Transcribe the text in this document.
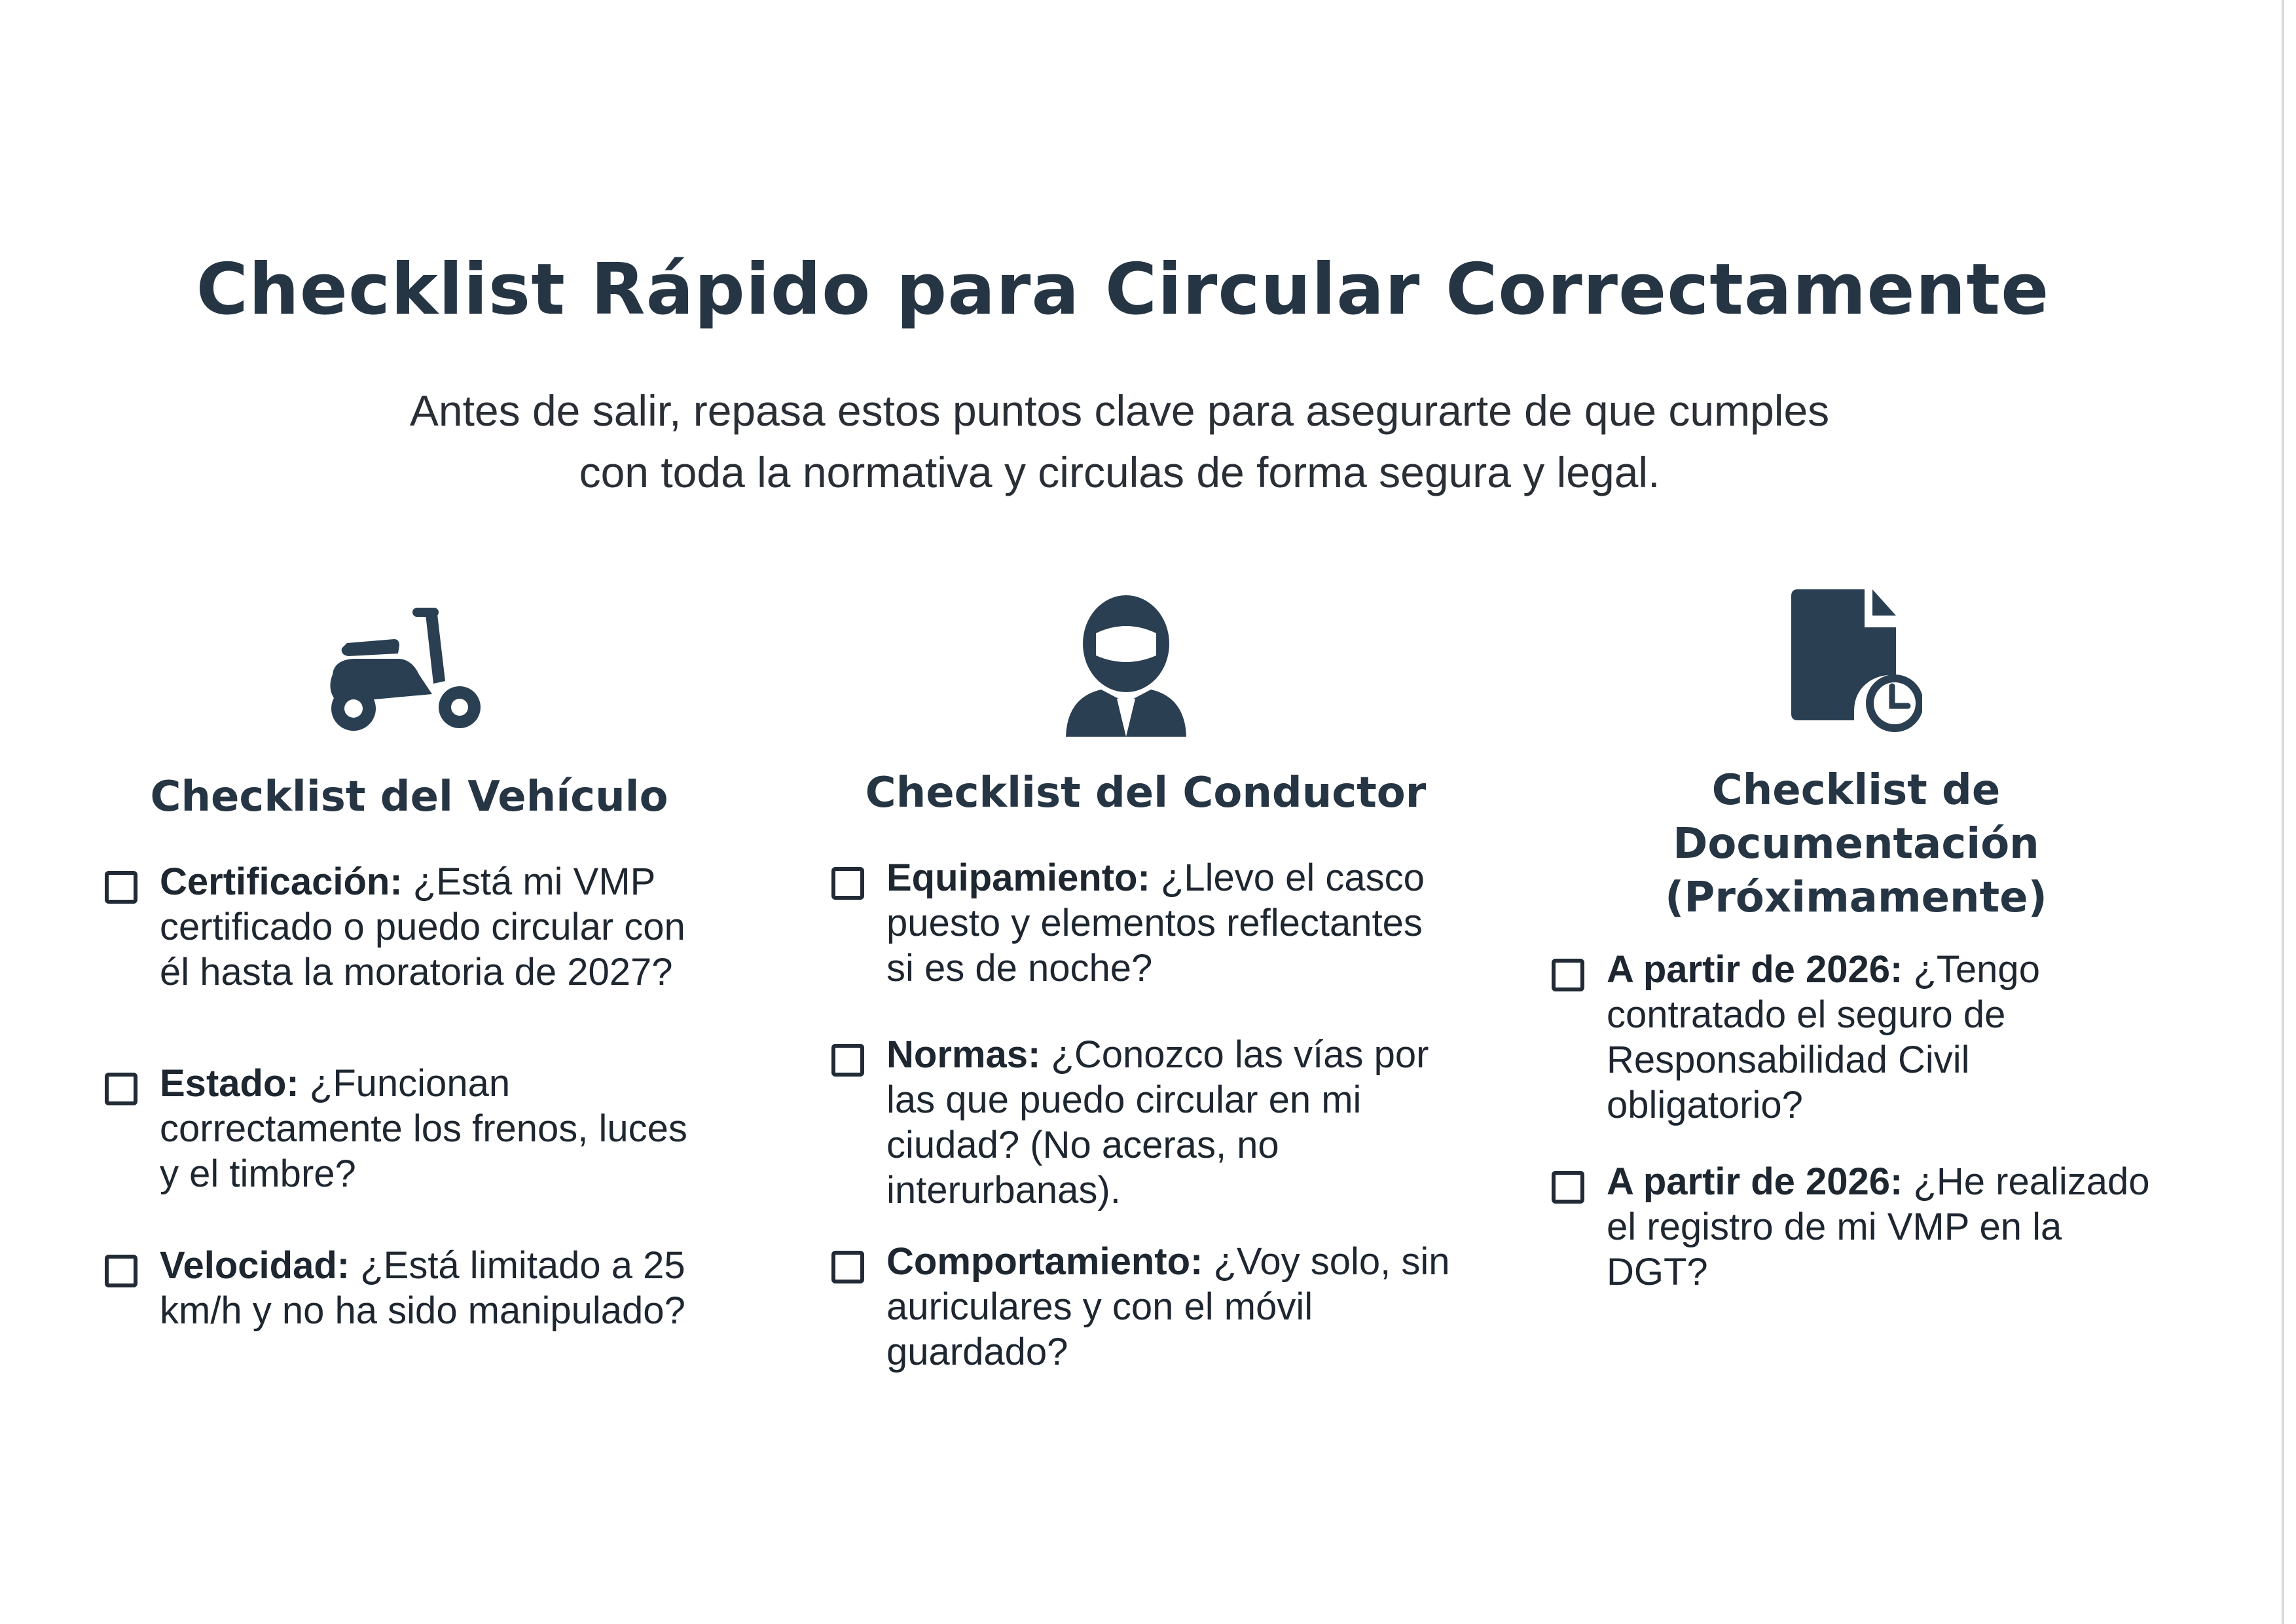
Checklist Rápido para Circular Correctamente
Antes de salir, repasa estos puntos clave para asegurarte de que cumples
con toda la normativa y circulas de forma segura y legal.
Checklist del Vehículo
Certificación: ¿Está mi VMP certificado o puedo circular con él hasta la moratoria de 2027?
Estado: ¿Funcionan correctamente los frenos, luces y el timbre?
Velocidad: ¿Está limitado a 25 km/h y no ha sido manipulado?
Checklist del Conductor
Equipamiento: ¿Llevo el casco puesto y elementos reflectantes si es de noche?
Normas: ¿Conozco las vías por las que puedo circular en mi ciudad? (No aceras, no interurbanas).
Comportamiento: ¿Voy solo, sin auriculares y con el móvil guardado?
Checklist de
Documentación
(Próximamente)
A partir de 2026: ¿Tengo contratado el seguro de Responsabilidad Civil obligatorio?
A partir de 2026: ¿He realizado el registro de mi VMP en la DGT?
